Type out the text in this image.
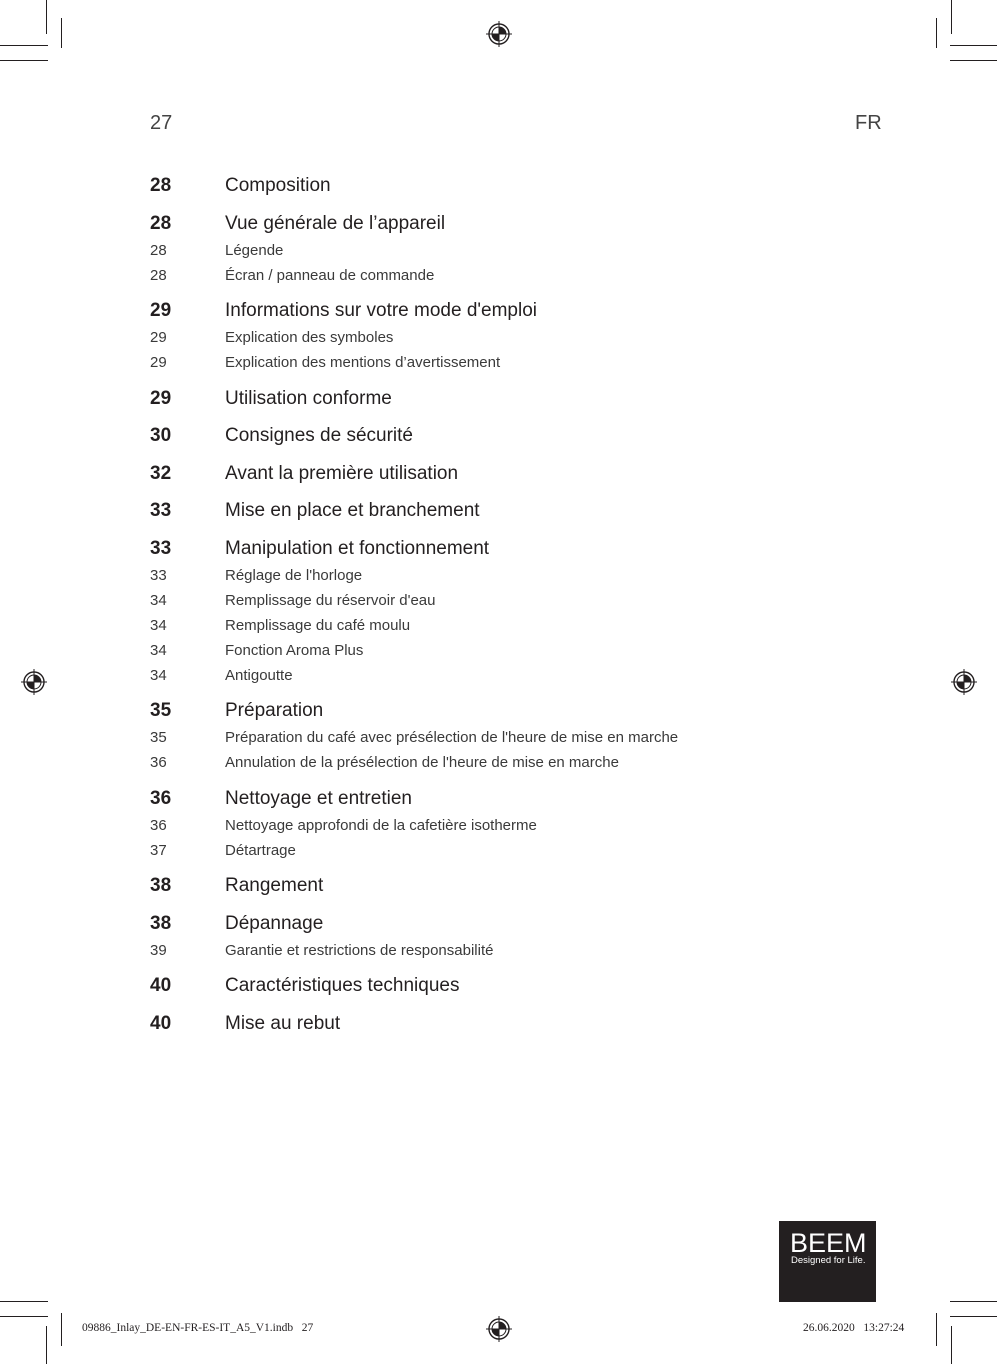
27	FR
28	Composition
28	Vue générale de l’appareil
28	Légende
28	Écran / panneau de commande
29	Informations sur votre mode d'emploi
29	Explication des symboles
29	Explication des mentions d’avertissement
29	Utilisation conforme
30	Consignes de sécurité
32	Avant la première utilisation
33	Mise en place et branchement
33	Manipulation et fonctionnement
33	Réglage de l'horloge
34	Remplissage du réservoir d'eau
34	Remplissage du café moulu
34	Fonction Aroma Plus
34	Antigoutte
35	Préparation
35	Préparation du café avec présélection de l'heure de mise en marche
36	Annulation de la présélection de l'heure de mise en marche
36	Nettoyage et entretien
36	Nettoyage approfondi de la cafetière isotherme
37	Détartrage
38	Rangement
38	Dépannage
39	Garantie et restrictions de responsabilité
40	Caractéristiques techniques
40	Mise au rebut
BEEM
Designed for Life.
09886_Inlay_DE-EN-FR-ES-IT_A5_V1.indb   27	26.06.2020   13:27:24
